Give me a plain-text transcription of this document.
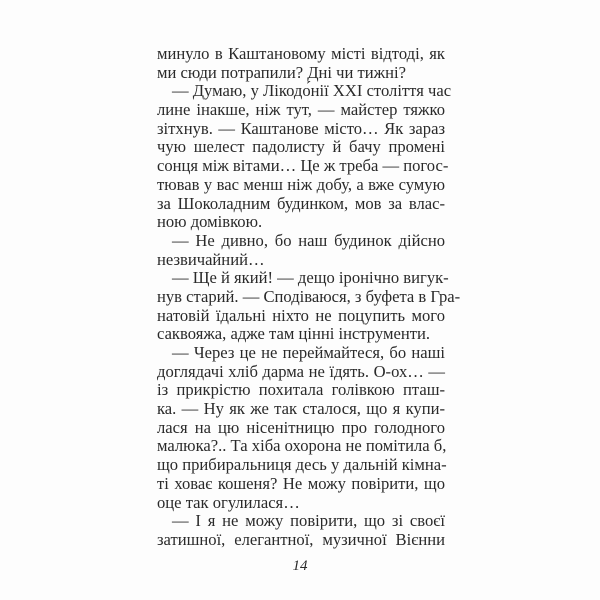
минуло в Каштановому місті відтоді, як
ми сюди потрапили? Дні чи тижні?
— Думаю, у Лікодо́нії XXI століття час
лине інакше, ніж тут, — майстер тяжко
зітхнув. — Каштанове місто… Як зараз
чую шелест падолисту й бачу промені
сонця між вітами… Це ж треба — погос-
тював у вас менш ніж добу, а вже сумую
за Шоколадним будинком, мов за влас-
ною домівкою.
— Не дивно, бо наш будинок дійсно
незвичайний…
— Ще й який! — дещо іронічно вигук-
нув старий. — Сподіваюся, з буфета в Гра-
натовій їдальні ніхто не поцупить мого
саквояжа, адже там цінні інструменти.
— Через це не переймайтеся, бо наші
доглядачі хліб дарма не їдять. О-ох… —
із прикрістю похитала голівкою пташ-
ка. — Ну як же так сталося, що я купи-
лася на цю нісенітницю про голодного
малюка?.. Та хіба охорона не помітила б,
що прибиральниця десь у дальній кімна-
ті ховає кошеня? Не можу повірити, що
оце так огулилася…
— І я не можу повірити, що зі своєї
затишної, елегантної, музичної Вієнни
14
